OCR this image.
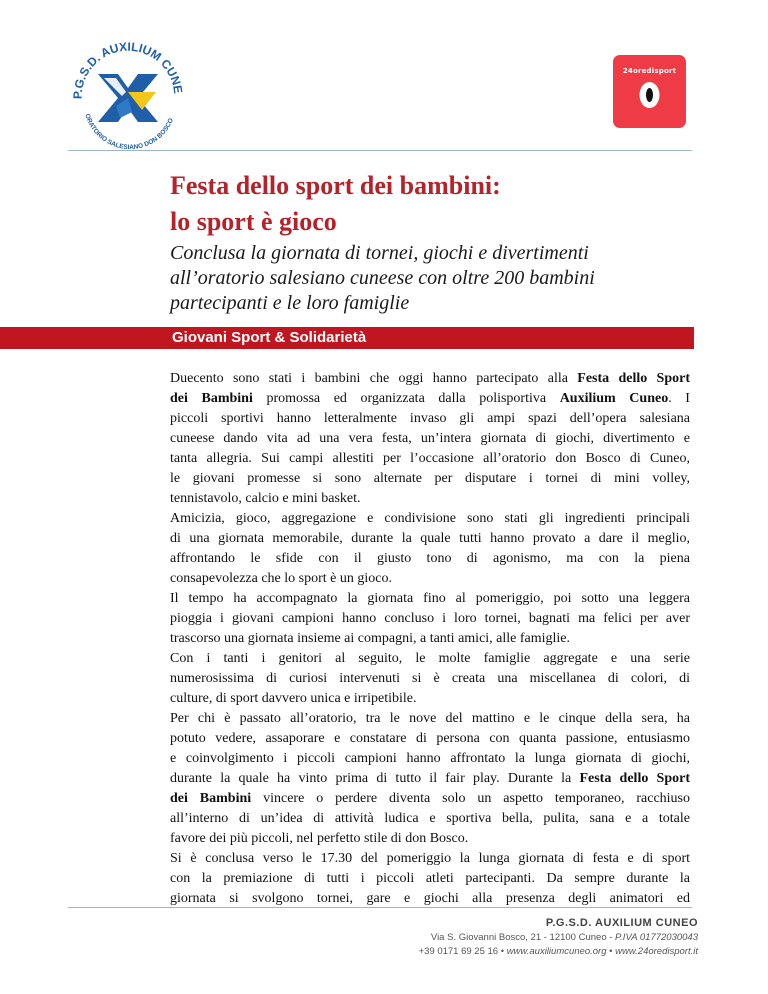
P.G.S.D. AUXILIUM CUNE
ORATORIO SALESIANO DON BOSCO
24oredisport
Festa dello sport dei bambini:
lo sport è gioco
Conclusa la giornata di tornei, giochi e divertimenti
all’oratorio salesiano cuneese con oltre 200 bambini
partecipanti e le loro famiglie
Giovani Sport & Solidarietà
Duecento sono stati i bambini che oggi hanno partecipato alla Festa dello Sport
dei Bambini promossa ed organizzata dalla polisportiva Auxilium Cuneo. I
piccoli sportivi hanno letteralmente invaso gli ampi spazi dell’opera salesiana
cuneese dando vita ad una vera festa, un’intera giornata di giochi, divertimento e
tanta allegria. Sui campi allestiti per l’occasione all’oratorio don Bosco di Cuneo,
le giovani promesse si sono alternate per disputare i tornei di mini volley,
tennistavolo, calcio e mini basket.
Amicizia, gioco, aggregazione e condivisione sono stati gli ingredienti principali
di una giornata memorabile, durante la quale tutti hanno provato a dare il meglio,
affrontando le sfide con il giusto tono di agonismo, ma con la piena
consapevolezza che lo sport è un gioco.
Il tempo ha accompagnato la giornata fino al pomeriggio, poi sotto una leggera
pioggia i giovani campioni hanno concluso i loro tornei, bagnati ma felici per aver
trascorso una giornata insieme ai compagni, a tanti amici, alle famiglie.
Con i tanti i genitori al seguito, le molte famiglie aggregate e una serie
numerosissima di curiosi intervenuti si è creata una miscellanea di colori, di
culture, di sport davvero unica e irripetibile.
Per chi è passato all’oratorio, tra le nove del mattino e le cinque della sera, ha
potuto vedere, assaporare e constatare di persona con quanta passione, entusiasmo
e coinvolgimento i piccoli campioni hanno affrontato la lunga giornata di giochi,
durante la quale ha vinto prima di tutto il fair play. Durante la Festa dello Sport
dei Bambini vincere o perdere diventa solo un aspetto temporaneo, racchiuso
all’interno di un’idea di attività ludica e sportiva bella, pulita, sana e a totale
favore dei più piccoli, nel perfetto stile di don Bosco.
Si è conclusa verso le 17.30 del pomeriggio la lunga giornata di festa e di sport
con la premiazione di tutti i piccoli atleti partecipanti. Da sempre durante la
giornata si svolgono tornei, gare e giochi alla presenza degli animatori ed
P.G.S.D. AUXILIUM CUNEO
Via S. Giovanni Bosco, 21 - 12100 Cuneo - P.IVA 01772030043
+39 0171 69 25 16 • www.auxiliumcuneo.org • www.24oredisport.it
